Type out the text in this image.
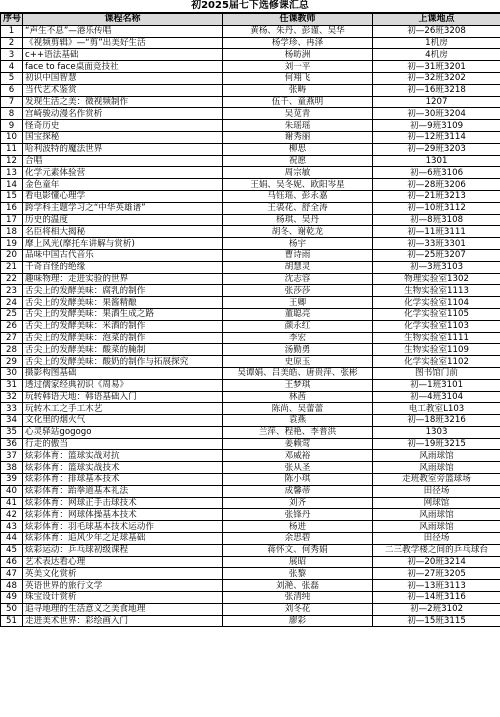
初2025届七下选修课汇总
序号	课程名称	任课教师	上课地点
1	“声生不息”—港乐传唱	黄杨、朱丹、彭谨、吴华	初—26班3208
2	《视频剪辑》—“剪”出美好生活	杨学珍、冉泽	1机房
3	c++语法基础	杨昉洲	4机房
4	face to face桌面竞技社	刘一平	初—31班3201
5	初识中国智慧	何翔飞	初—32班3202
6	当代艺术鉴赏	张畴	初—16班3218
7	发现生活之美：微视频制作	伍千、童燕明	1207
8	宫崎骏动漫名作赏析	吴苋青	初—30班3204
9	怪奇历史	朱瑶瑶	初—9班3109
10	国宝探秘	谢秀丽	初—12班3114
11	哈利波特的魔法世界	柳思	初—29班3203
12	合唱	祝愿	1301
13	化学元素体验营	周宗敏	初—6班3106
14	金色童年	王娟、吴冬妮、欧阳岑星	初—28班3206
15	看电影懂心理学	马钰瑶、彭永嘉	初—21班3213
16	跨学科主题学习之“中华英雄谱”	王裘花、舒全涛	初—10班3112
17	历史的温度	杨琪、吴丹	初—8班3108
18	名臣将相大揭秘	胡冬、谢乾龙	初—11班3111
19	摩上风光(摩托车讲解与赏析)	杨宇	初—33班3301
20	品味中国古代音乐	曹诗雨	初—25班3207
21	千奇百怪的绝缘	胡慧灵	初—3班3103
22	趣味物理：走进实验的世界	沈志容	物理实验室1302
23	舌尖上的发酵美味：腐乳的制作	张莎莎	生物实验室1113
24	舌尖上的发酵美味：果酱精酿	王卿	化学实验室1104
25	舌尖上的发酵美味：果酒生成之路	董聪亮	化学实验室1105
26	舌尖上的发酵美味：米酒的制作	颜永红	化学实验室1103
27	舌尖上的发酵美味：泡菜的制作	李宏	生物实验室1111
28	舌尖上的发酵美味：酸菜的腌制	汤勤勇	生物实验室1109
29	舌尖上的发酵美味：酸奶的制作与拓展探究	史原玉	化学实验室1102
30	摄影构图基础	吴谭娟、吕美皓、唐贵萍、张彬	图书馆门前
31	透过儒家经典初识《周易》	王梦琪	初—1班3101
32	玩转韩语天地：韩语基础入门	林茜	初—4班3104
33	玩转木工之手工木艺	陈尚、吴蕾蕾	电工教室L103
34	文化里的烟火气	袁燕	初—18班3216
35	心灵驿站gogogo	兰萍、程艳、李普洪	1303
36	行走的傲当	姜赖莺	初—19班3215
37	炫彩体育：篮球实战对抗	邓威裕	风雨球馆
38	炫彩体育：篮球实战技术	张从圣	风雨球馆
39	炫彩体育：排球基本技术	陈小琪	走班教室旁篮球场
40	炫彩体育：跆拳道基本礼法	成馨蒂	田径场
41	炫彩体育：网球正手击球技术	刘齐	网球馆
42	炫彩体育：网球体操基本技术	张锋丹	风雨球馆
43	炫彩体育：羽毛球基本技术运动作	杨进	风雨球馆
44	炫彩体育：追风少年之足球基础	余思碧	田径场
45	炫彩运动：乒乓球初级课程	蒋怀文、何秀娟	二三教学楼之间的乒乓球台
46	艺术表达看心理	展昭	初—20班3214
47	英美文化赏析	张黎	初—27班3205
48	英语世界的旅行文学	刘滟、张磊	初—13班3113
49	珠宝设计赏析	张清纯	初—14班3116
50	追寻地理的生活意义之美食地理	刘冬花	初—2班3102
51	走进美术世界：彩绘画入门	廖彩	初—15班3115
